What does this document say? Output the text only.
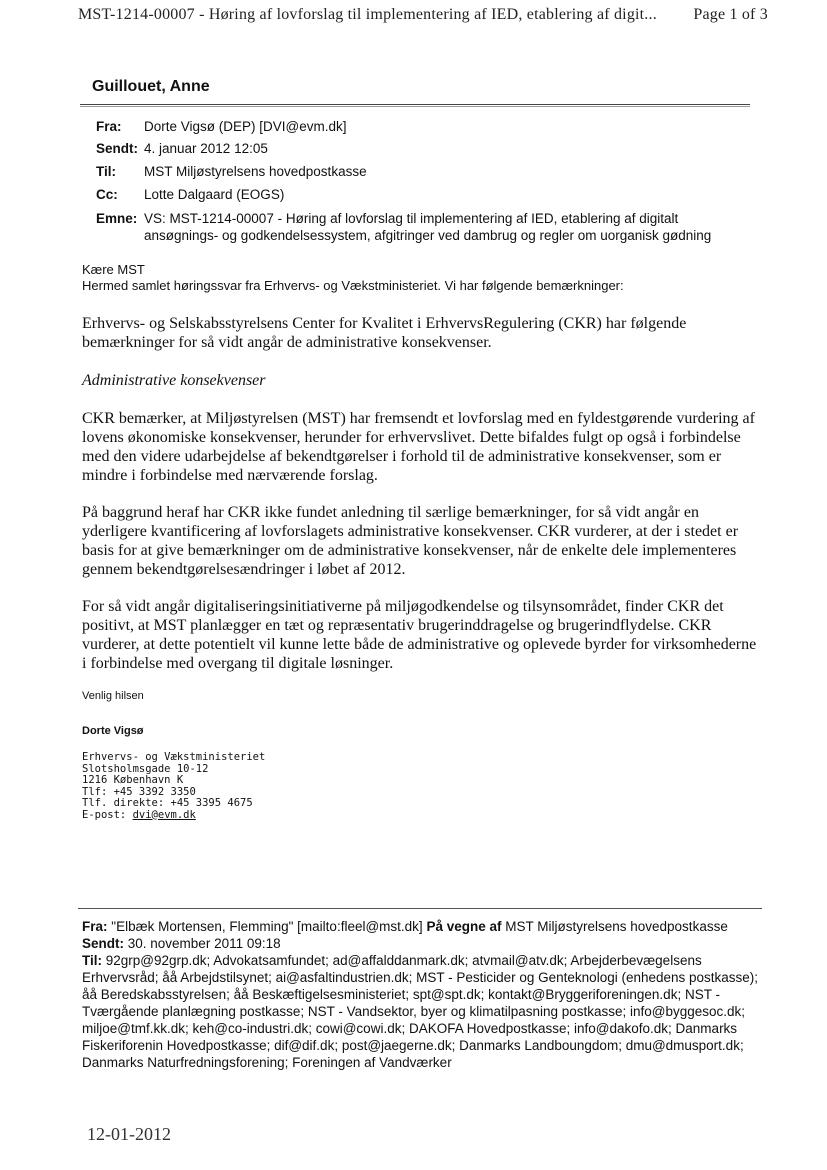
MST-1214-00007 - Høring af lovforslag til implementering af IED, etablering af digit... Page 1 of 3
Guillouet, Anne
Fra: Dorte Vigsø (DEP) [DVI@evm.dk]
Sendt: 4. januar 2012 12:05
Til: MST Miljøstyrelsens hovedpostkasse
Cc: Lotte Dalgaard (EOGS)
Emne: VS: MST-1214-00007 - Høring af lovforslag til implementering af IED, etablering af digitalt ansøgnings- og godkendelsessystem, afgitringer ved dambrug og regler om uorganisk gødning
Kære MST
Hermed samlet høringssvar fra Erhvervs- og Vækstministeriet. Vi har følgende bemærkninger:
Erhvervs- og Selskabsstyrelsens Center for Kvalitet i ErhvervsRegulering (CKR) har følgende bemærkninger for så vidt angår de administrative konsekvenser.
Administrative konsekvenser
CKR bemærker, at Miljøstyrelsen (MST) har fremsendt et lovforslag med en fyldestgørende vurdering af lovens økonomiske konsekvenser, herunder for erhvervslivet. Dette bifaldes fulgt op også i forbindelse med den videre udarbejdelse af bekendtgørelser i forhold til de administrative konsekvenser, som er mindre i forbindelse med nærværende forslag.
På baggrund heraf har CKR ikke fundet anledning til særlige bemærkninger, for så vidt angår en yderligere kvantificering af lovforslagets administrative konsekvenser. CKR vurderer, at der i stedet er basis for at give bemærkninger om de administrative konsekvenser, når de enkelte dele implementeres gennem bekendtgørelsesændringer i løbet af 2012.
For så vidt angår digitaliseringsinitiativerne på miljøgodkendelse og tilsynsområdet, finder CKR det positivt, at MST planlægger en tæt og repræsentativ brugerinddragelse og brugerindflydelse. CKR vurderer, at dette potentielt vil kunne lette både de administrative og oplevede byrder for virksomhederne i forbindelse med overgang til digitale løsninger.
Venlig hilsen
Dorte Vigsø
Erhvervs- og Vækstministeriet
Slotsholmsgade 10-12
1216 København K
Tlf: +45 3392 3350
Tlf. direkte: +45 3395 4675
E-post: dvi@evm.dk
Fra: "Elbæk Mortensen, Flemming" [mailto:fleel@mst.dk] På vegne af MST Miljøstyrelsens hovedpostkasse
Sendt: 30. november 2011 09:18
Til: 92grp@92grp.dk; Advokatsamfundet; ad@affalddanmark.dk; atvmail@atv.dk; Arbejderbevægelsens Erhvervsråd; åå Arbejdstilsynet; ai@asfaltindustrien.dk; MST - Pesticider og Genteknologi (enhedens postkasse); åå Beredskabsstyrelsen; åå Beskæftigelsesministeriet; spt@spt.dk; kontakt@Bryggeriforeningen.dk; NST - Tværgående planlægning postkasse; NST - Vandsektor, byer og klimatilpasning postkasse; info@byggesoc.dk; miljoe@tmf.kk.dk; keh@co-industri.dk; cowi@cowi.dk; DAKOFA Hovedpostkasse; info@dakofo.dk; Danmarks Fiskeriforenin Hovedpostkasse; dif@dif.dk; post@jaegerne.dk; Danmarks Landboungdom; dmu@dmusport.dk; Danmarks Naturfredningsforening; Foreningen af Vandværker
12-01-2012
